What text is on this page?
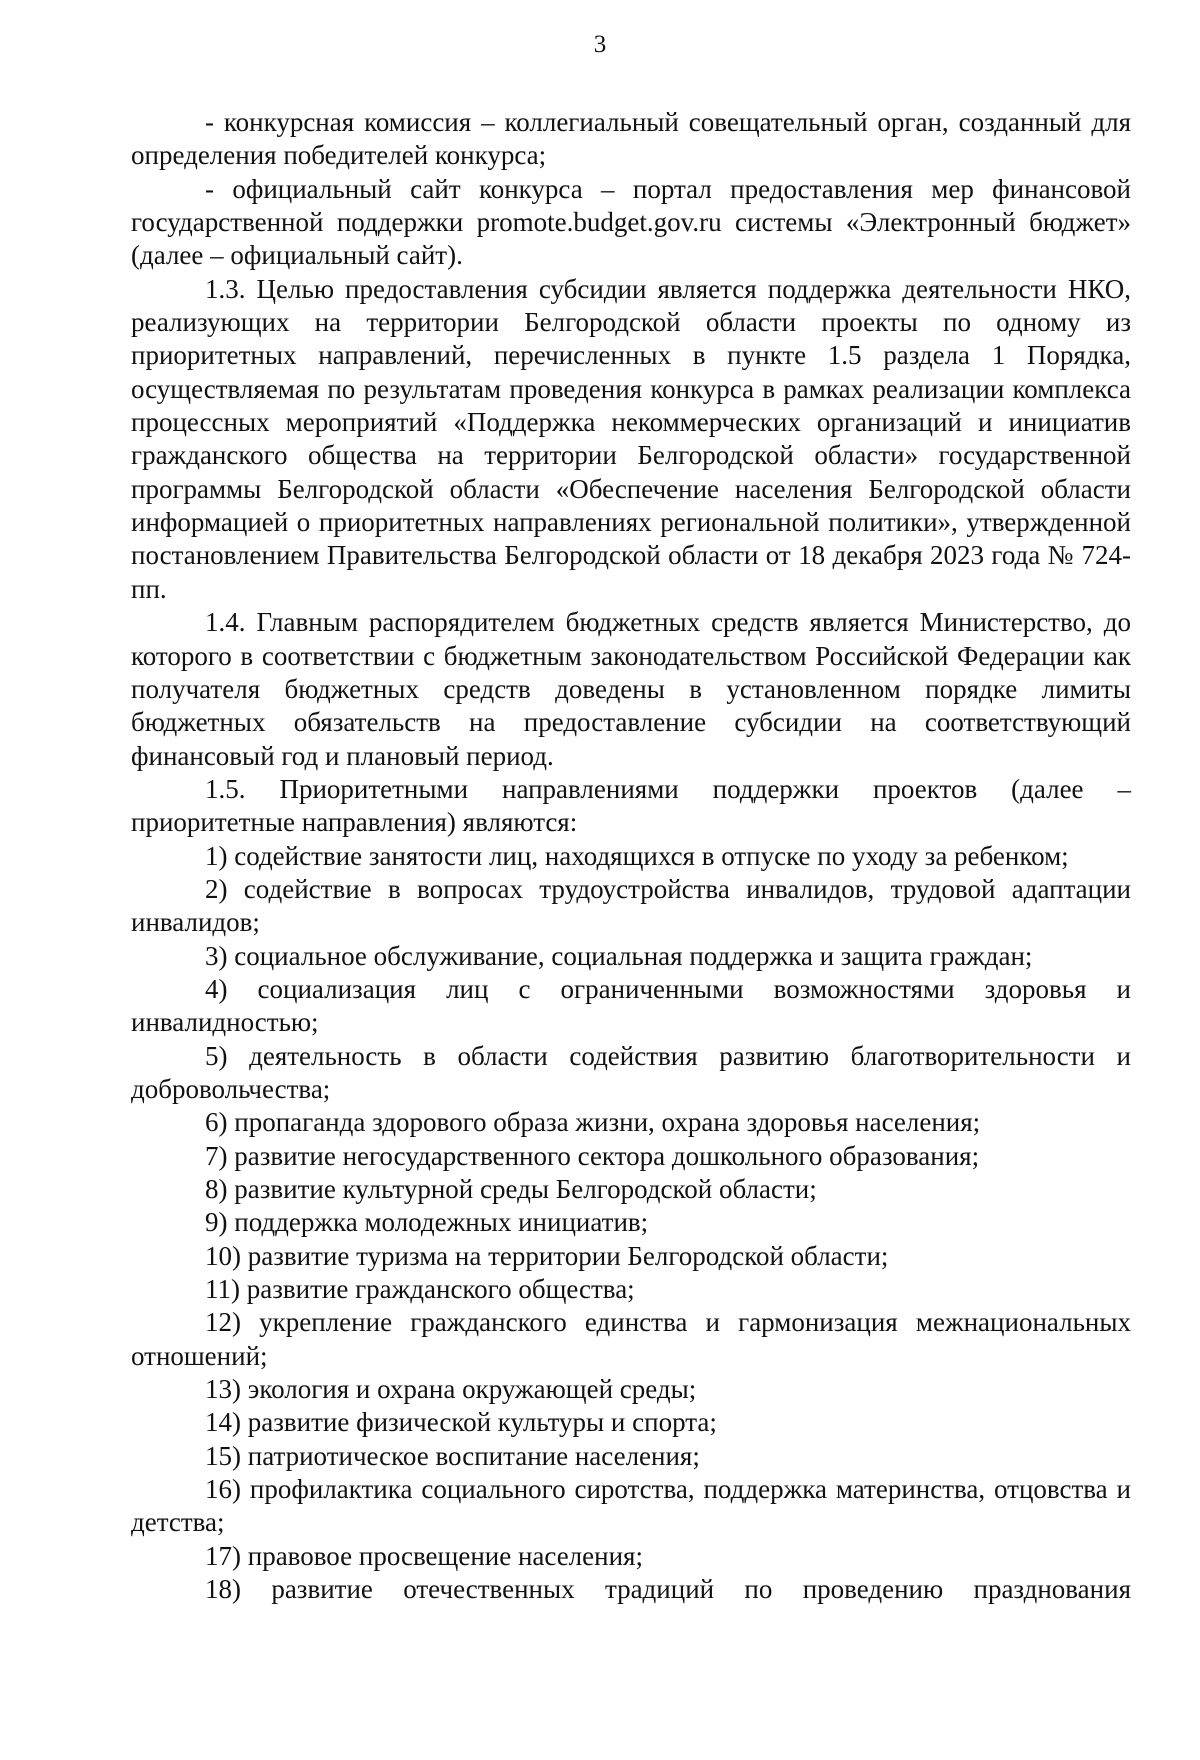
3

- конкурсная комиссия – коллегиальный совещательный орган, созданный для определения победителей конкурса;

- официальный сайт конкурса – портал предоставления мер финансовой государственной поддержки promote.budget.gov.ru системы «Электронный бюджет» (далее – официальный сайт).

1.3. Целью предоставления субсидии является поддержка деятельности НКО, реализующих на территории Белгородской области проекты по одному из приоритетных направлений, перечисленных в пункте 1.5 раздела 1 Порядка, осуществляемая по результатам проведения конкурса в рамках реализации комплекса процессных мероприятий «Поддержка некоммерческих организаций и инициатив гражданского общества на территории Белгородской области» государственной программы Белгородской области «Обеспечение населения Белгородской области информацией о приоритетных направлениях региональной политики», утвержденной постановлением Правительства Белгородской области от 18 декабря 2023 года № 724-пп.

1.4. Главным распорядителем бюджетных средств является Министерство, до которого в соответствии с бюджетным законодательством Российской Федерации как получателя бюджетных средств доведены в установленном порядке лимиты бюджетных обязательств на предоставление субсидии на соответствующий финансовый год и плановый период.

1.5. Приоритетными направлениями поддержки проектов (далее – приоритетные направления) являются:

1) содействие занятости лиц, находящихся в отпуске по уходу за ребенком;

2) содействие в вопросах трудоустройства инвалидов, трудовой адаптации инвалидов;

3) социальное обслуживание, социальная поддержка и защита граждан;

4) социализация лиц с ограниченными возможностями здоровья и инвалидностью;

5) деятельность в области содействия развитию благотворительности и добровольчества;

6) пропаганда здорового образа жизни, охрана здоровья населения;

7) развитие негосударственного сектора дошкольного образования;

8) развитие культурной среды Белгородской области;

9) поддержка молодежных инициатив;

10) развитие туризма на территории Белгородской области;

11) развитие гражданского общества;

12) укрепление гражданского единства и гармонизация межнациональных отношений;

13) экология и охрана окружающей среды;

14) развитие физической культуры и спорта;

15) патриотическое воспитание населения;

16) профилактика социального сиротства, поддержка материнства, отцовства и детства;

17) правовое просвещение населения;

18) развитие отечественных традиций по проведению празднования
